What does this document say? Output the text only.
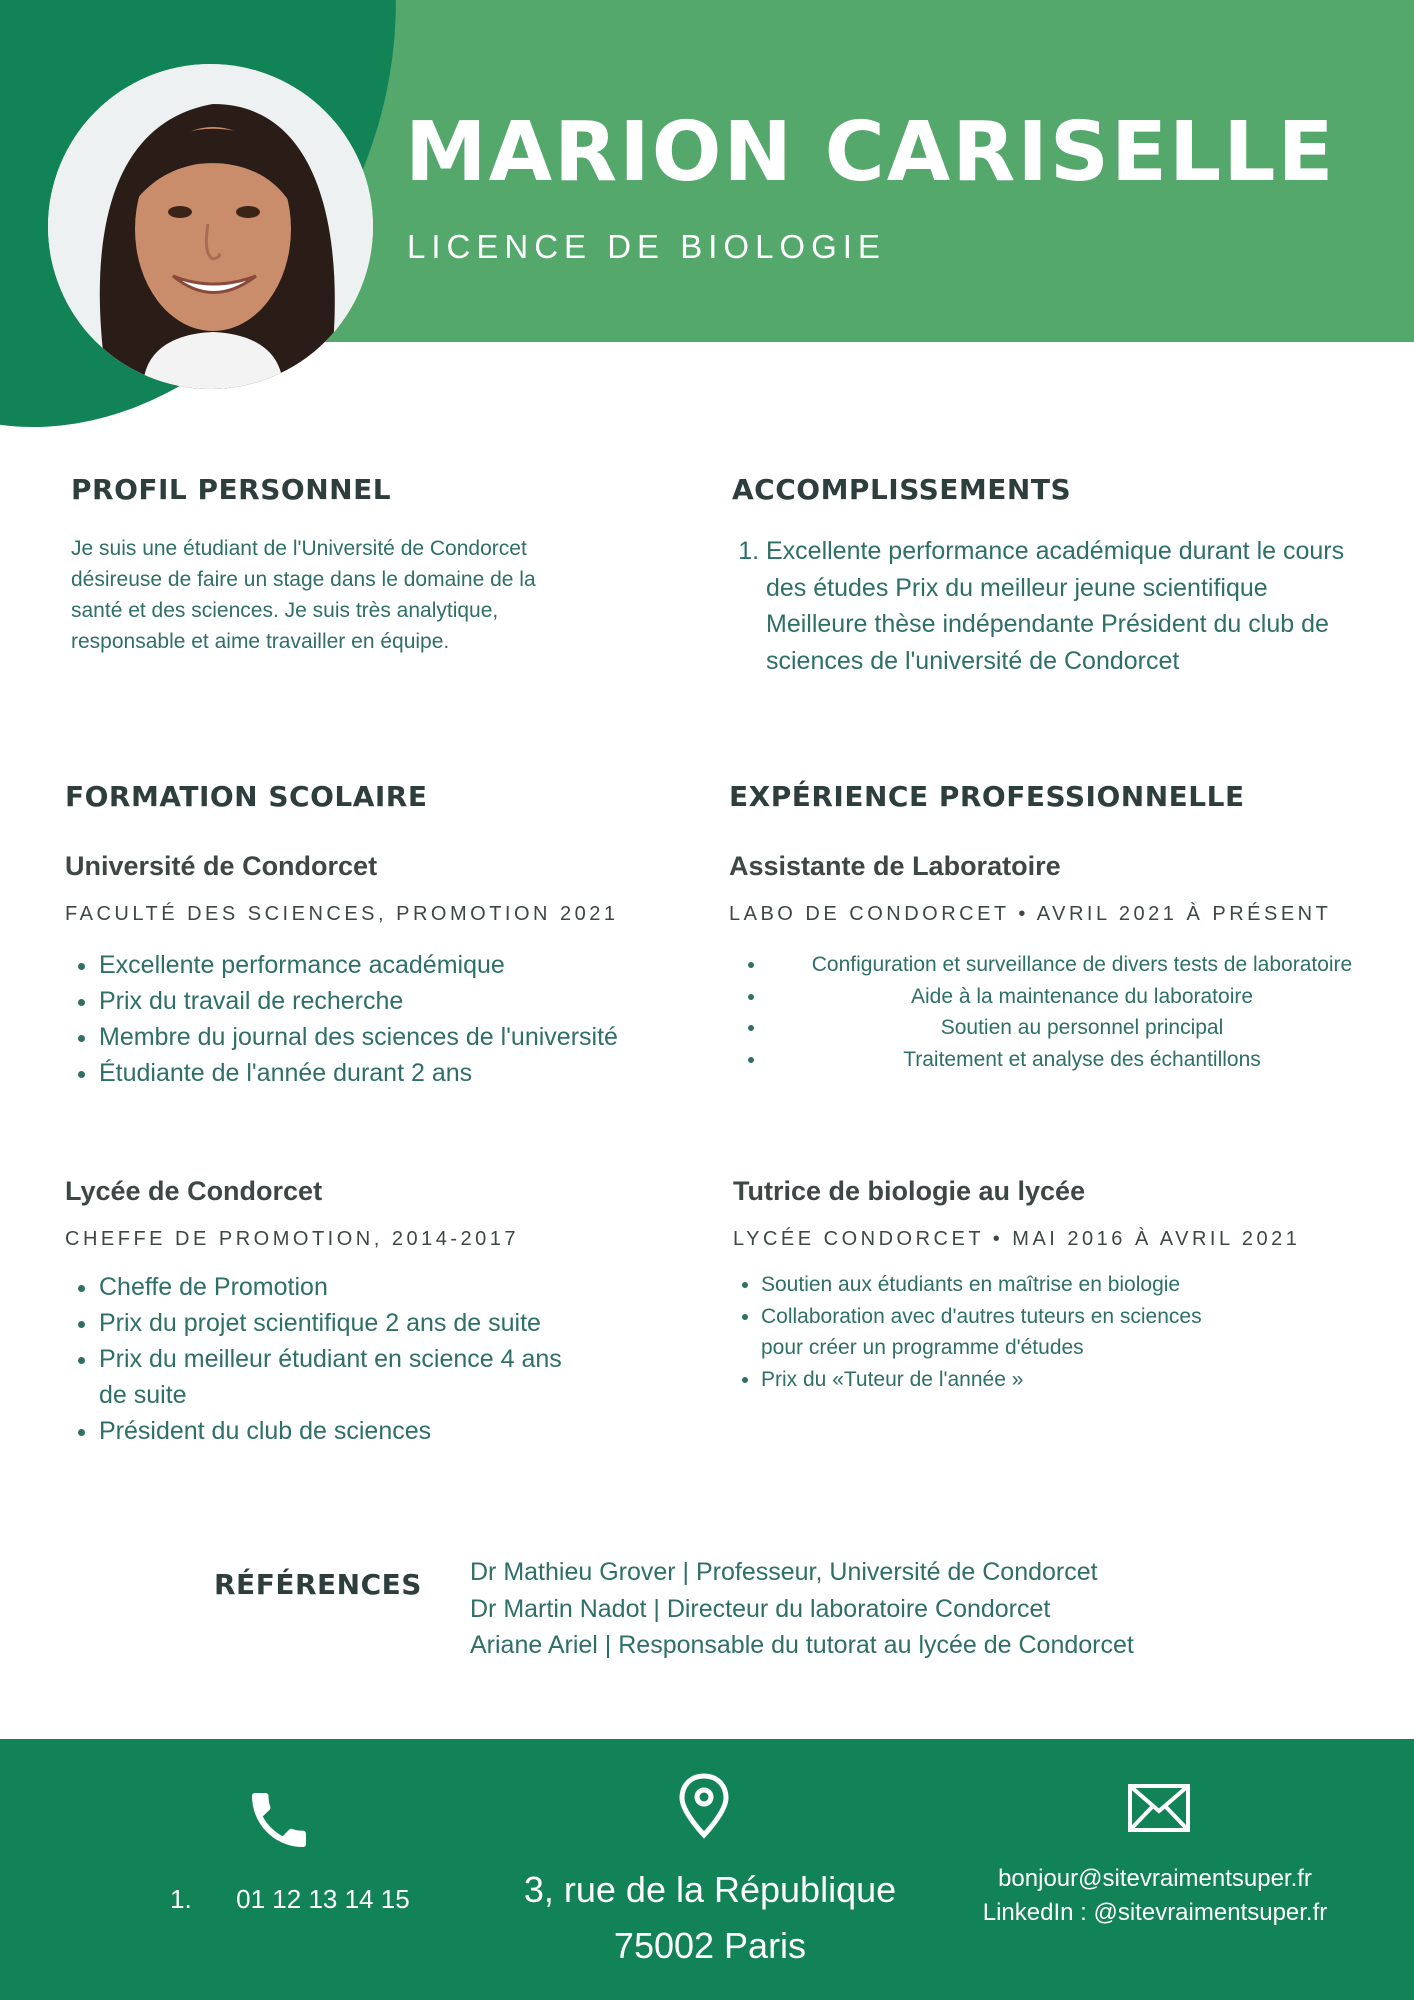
MARION CARISELLE
LICENCE DE BIOLOGIE
PROFIL PERSONNEL
Je suis une étudiant de l'Université de Condorcet désireuse de faire un stage dans le domaine de la santé et des sciences. Je suis très analytique, responsable et aime travailler en équipe.
ACCOMPLISSEMENTS
1. Excellente performance académique durant le cours des études Prix du meilleur jeune scientifique Meilleure thèse indépendante Président du club de sciences de l'université de Condorcet
FORMATION SCOLAIRE
Université de Condorcet
FACULTÉ DES SCIENCES, PROMOTION 2021
• Excellente performance académique
• Prix du travail de recherche
• Membre du journal des sciences de l'université
• Étudiante de l'année durant 2 ans
Lycée de Condorcet
CHEFFE DE PROMOTION, 2014-2017
• Cheffe de Promotion
• Prix du projet scientifique 2 ans de suite
• Prix du meilleur étudiant en science 4 ans de suite
• Président du club de sciences
EXPÉRIENCE PROFESSIONNELLE
Assistante de Laboratoire
LABO DE CONDORCET • AVRIL 2021 À PRÉSENT
• Configuration et surveillance de divers tests de laboratoire
• Aide à la maintenance du laboratoire
• Soutien au personnel principal
• Traitement et analyse des échantillons
Tutrice de biologie au lycée
LYCÉE CONDORCET • MAI 2016 À AVRIL 2021
• Soutien aux étudiants en maîtrise en biologie
• Collaboration avec d'autres tuteurs en sciences pour créer un programme d'études
• Prix du «Tuteur de l'année »
RÉFÉRENCES Dr Mathieu Grover | Professeur, Université de Condorcet
Dr Martin Nadot | Directeur du laboratoire Condorcet
Ariane Ariel | Responsable du tutorat au lycée de Condorcet
1. 01 12 13 14 15	3, rue de la République
75002 Paris
bonjour@sitevraimentsuper.fr
LinkedIn : @sitevraimentsuper.fr
